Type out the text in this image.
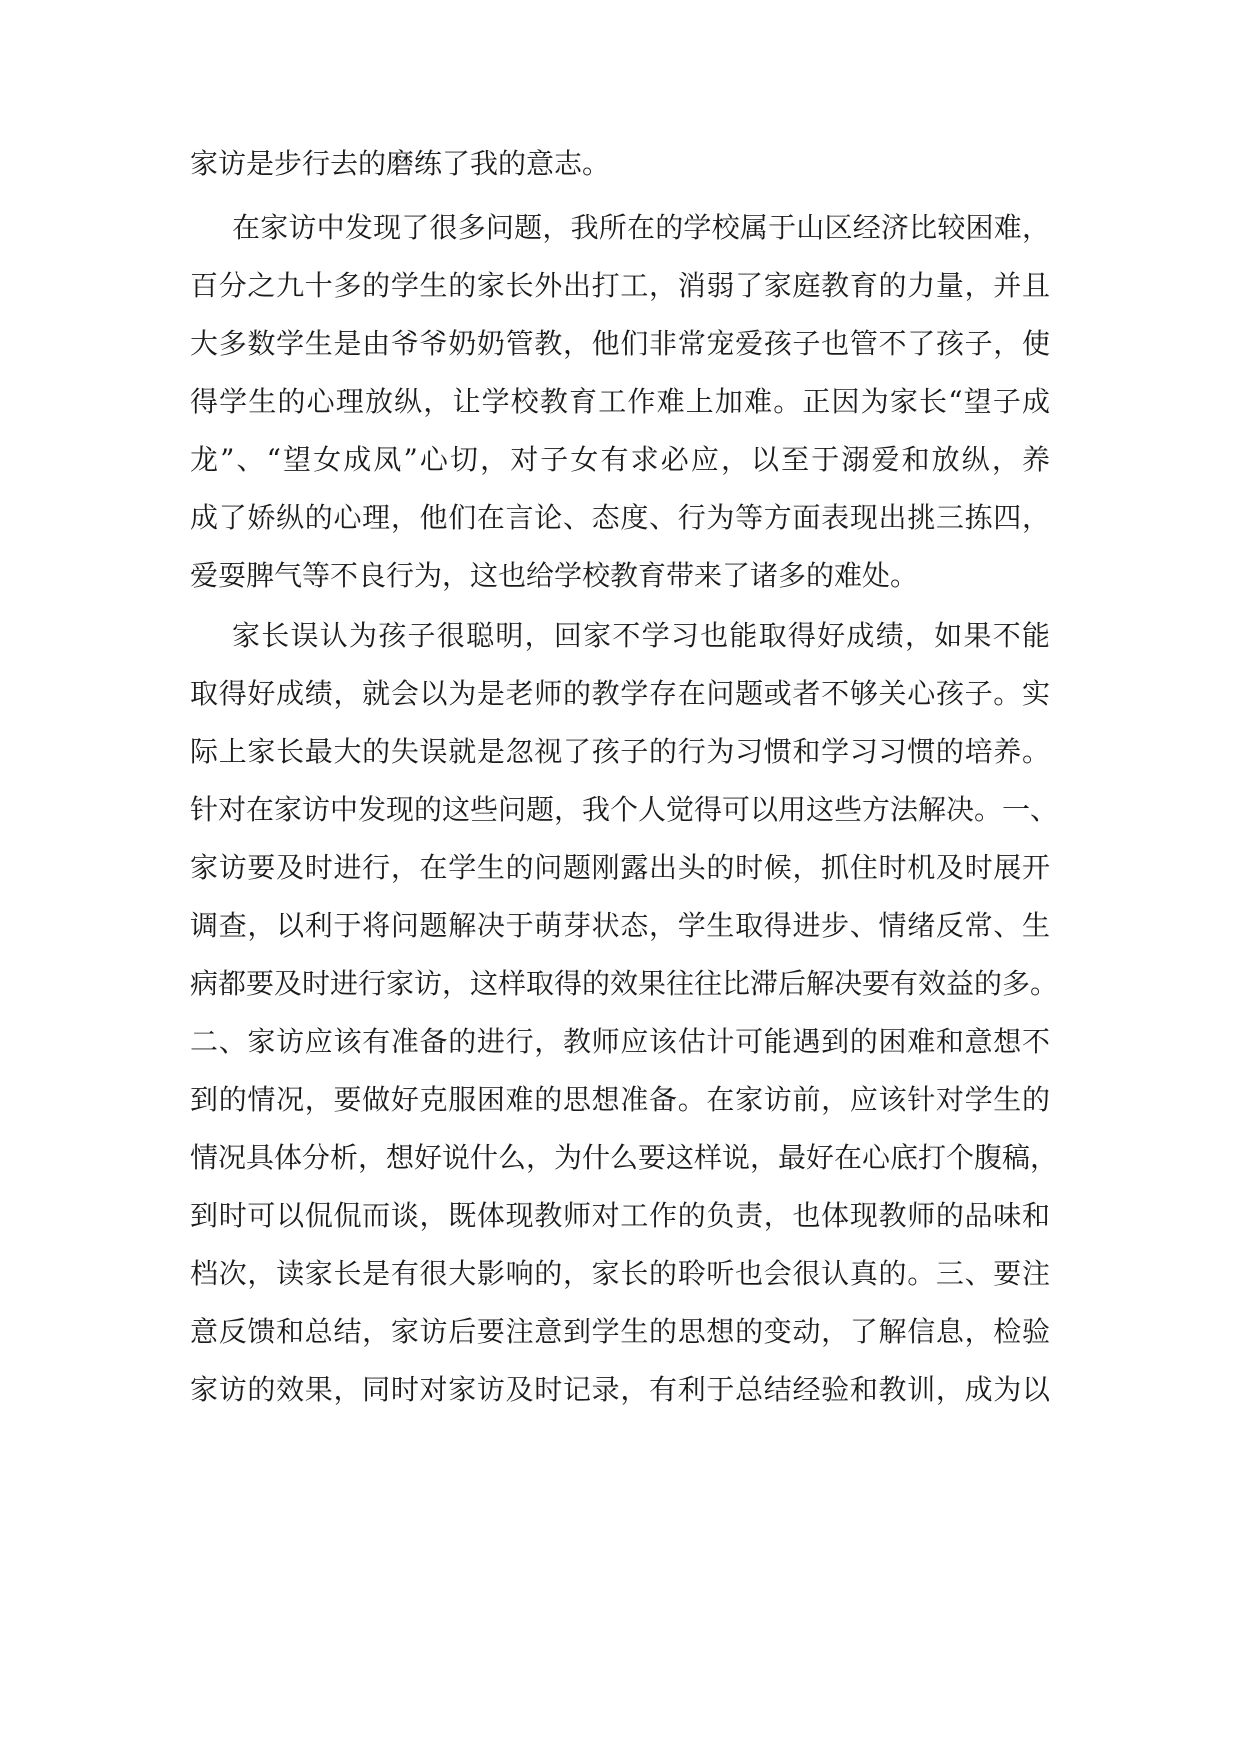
家访是步行去的磨练了我的意志。
在家访中发现了很多问题，我所在的学校属于山区经济比较困难，
百分之九十多的学生的家长外出打工，消弱了家庭教育的力量，并且
大多数学生是由爷爷奶奶管教，他们非常宠爱孩子也管不了孩子，使
得学生的心理放纵，让学校教育工作难上加难。正因为家长“望子成
龙”、“望女成凤”心切，对子女有求必应，以至于溺爱和放纵，养
成了娇纵的心理，他们在言论、态度、行为等方面表现出挑三拣四，
爱耍脾气等不良行为，这也给学校教育带来了诸多的难处。
家长误认为孩子很聪明，回家不学习也能取得好成绩，如果不能
取得好成绩，就会以为是老师的教学存在问题或者不够关心孩子。实
际上家长最大的失误就是忽视了孩子的行为习惯和学习习惯的培养。
针对在家访中发现的这些问题，我个人觉得可以用这些方法解决。一、
家访要及时进行，在学生的问题刚露出头的时候，抓住时机及时展开
调查，以利于将问题解决于萌芽状态，学生取得进步、情绪反常、生
病都要及时进行家访，这样取得的效果往往比滞后解决要有效益的多。
二、家访应该有准备的进行，教师应该估计可能遇到的困难和意想不
到的情况，要做好克服困难的思想准备。在家访前，应该针对学生的
情况具体分析，想好说什么，为什么要这样说，最好在心底打个腹稿，
到时可以侃侃而谈，既体现教师对工作的负责，也体现教师的品味和
档次，读家长是有很大影响的，家长的聆听也会很认真的。三、要注
意反馈和总结，家访后要注意到学生的思想的变动，了解信息，检验
家访的效果，同时对家访及时记录，有利于总结经验和教训，成为以
